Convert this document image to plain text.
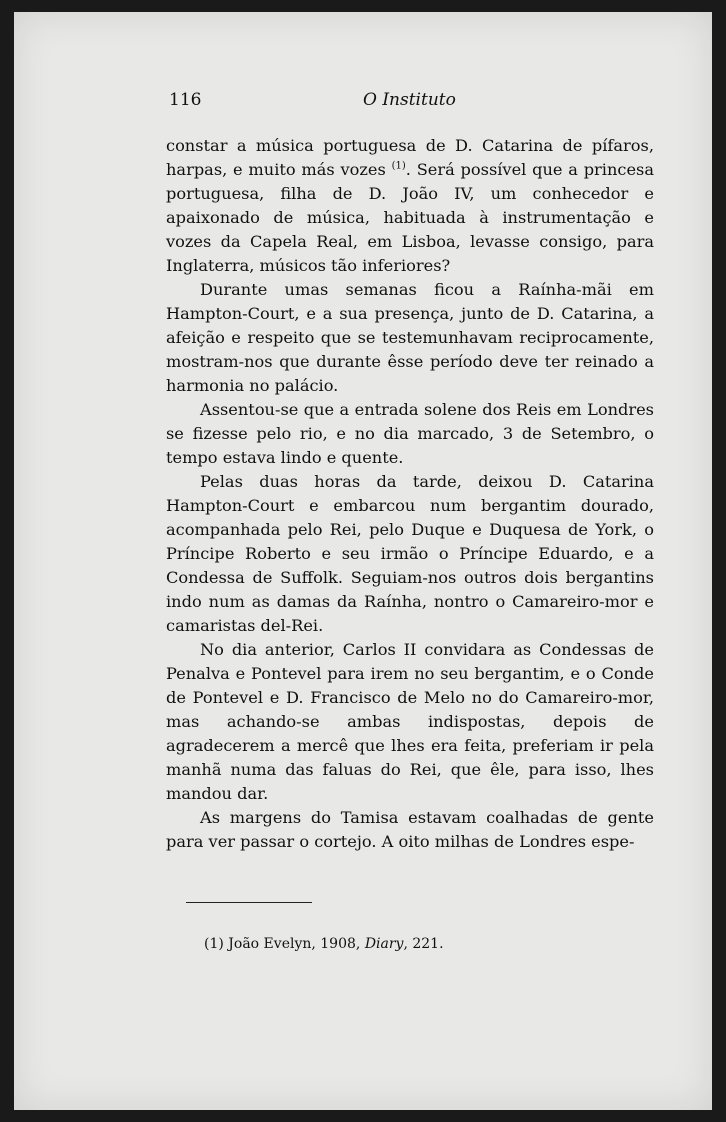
116	O Instituto

constar a música portuguesa de D. Catarina de pífaros, harpas, e muito más vozes $^{(1)}$. Será possível que a princesa portuguesa, filha de D. João IV, um conhecedor e apaixonado de música, habituada à instrumentação e vozes da Capela Real, em Lisboa, levasse consigo, para Inglaterra, músicos tão inferiores?

Durante umas semanas ficou a Raínha-mãi em Hampton-Court, e a sua presença, junto de D. Catarina, a afeição e respeito que se testemunhavam reciprocamente, mostram-nos que durante êsse período deve ter reinado a harmonia no palácio.

Assentou-se que a entrada solene dos Reis em Londres se fizesse pelo rio, e no dia marcado, 3 de Setembro, o tempo estava lindo e quente.

Pelas duas horas da tarde, deixou D. Catarina Hampton-Court e embarcou num bergantim dourado, acompanhada pelo Rei, pelo Duque e Duquesa de York, o Príncipe Roberto e seu irmão o Príncipe Eduardo, e a Condessa de Suffolk. Seguiam-nos outros dois bergantins indo num as damas da Raínha, nontro o Camareiro-mor e camaristas del-Rei.

No dia anterior, Carlos II convidara as Condessas de Penalva e Pontevel para irem no seu bergantim, e o Conde de Pontevel e D. Francisco de Melo no do Camareiro-mor, mas achando-se ambas indispostas, depois de agradecerem a mercê que lhes era feita, preferiam ir pela manhã numa das faluas do Rei, que êle, para isso, lhes mandou dar.

As margens do Tamisa estavam coalhadas de gente para ver passar o cortejo. A oito milhas de Londres espe-

(1) João Evelyn, 1908, Diary, 221.
